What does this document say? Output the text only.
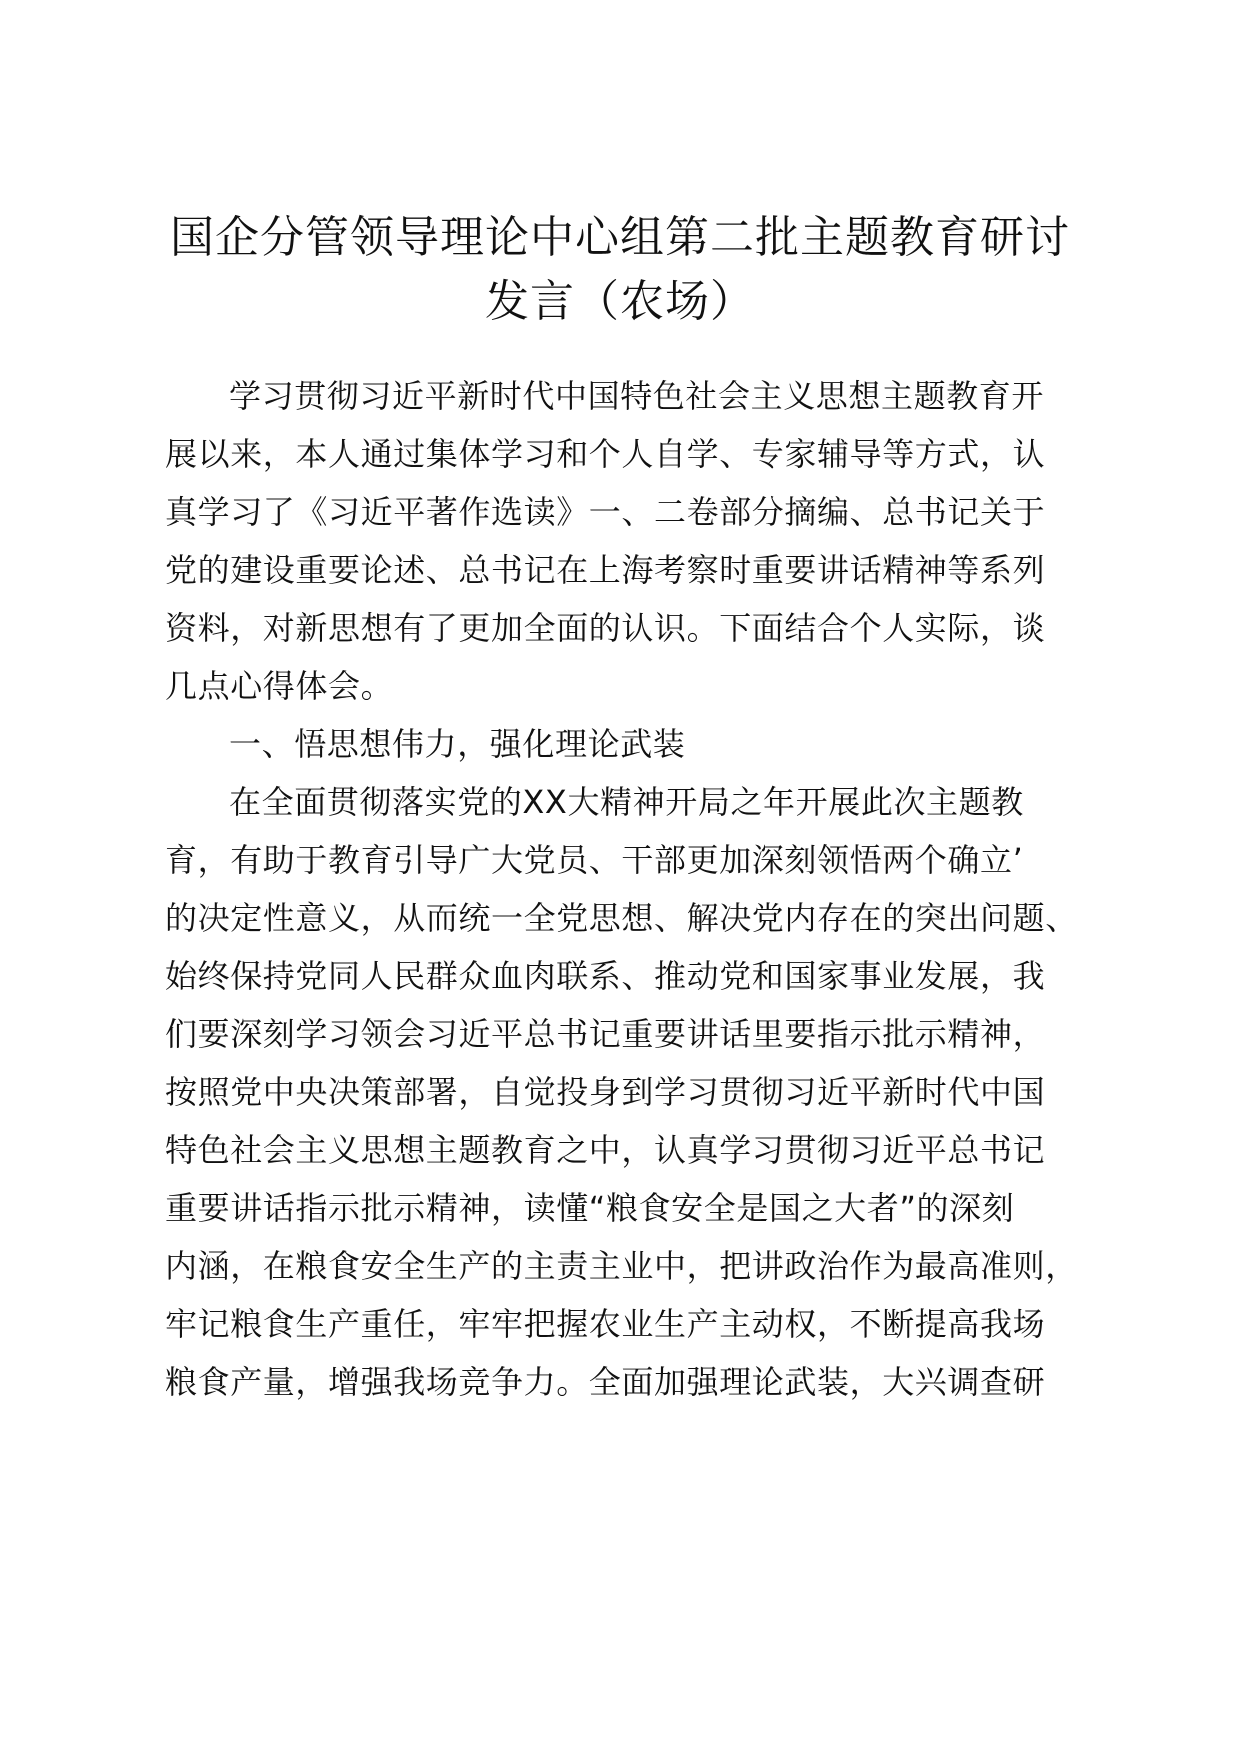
国企分管领导理论中心组第二批主题教育研讨
发言（农场）
学习贯彻习近平新时代中国特色社会主义思想主题教育开
展以来，本人通过集体学习和个人自学、专家辅导等方式，认
真学习了《习近平著作选读》一、二卷部分摘编、总书记关于
党的建设重要论述、总书记在上海考察时重要讲话精神等系列
资料，对新思想有了更加全面的认识。下面结合个人实际，谈
几点心得体会。
一、悟思想伟力，强化理论武装
在全面贯彻落实党的XX大精神开局之年开展此次主题教
育，有助于教育引导广大党员、干部更加深刻领悟两个确立’
的决定性意义，从而统一全党思想、解决党内存在的突出问题、
始终保持党同人民群众血肉联系、推动党和国家事业发展，我
们要深刻学习领会习近平总书记重要讲话里要指示批示精神，
按照党中央决策部署，自觉投身到学习贯彻习近平新时代中国
特色社会主义思想主题教育之中，认真学习贯彻习近平总书记
重要讲话指示批示精神，读懂“粮食安全是国之大者”的深刻
内涵，在粮食安全生产的主责主业中，把讲政治作为最高准则，
牢记粮食生产重任，牢牢把握农业生产主动权，不断提高我场
粮食产量，增强我场竞争力。全面加强理论武装，大兴调查研
